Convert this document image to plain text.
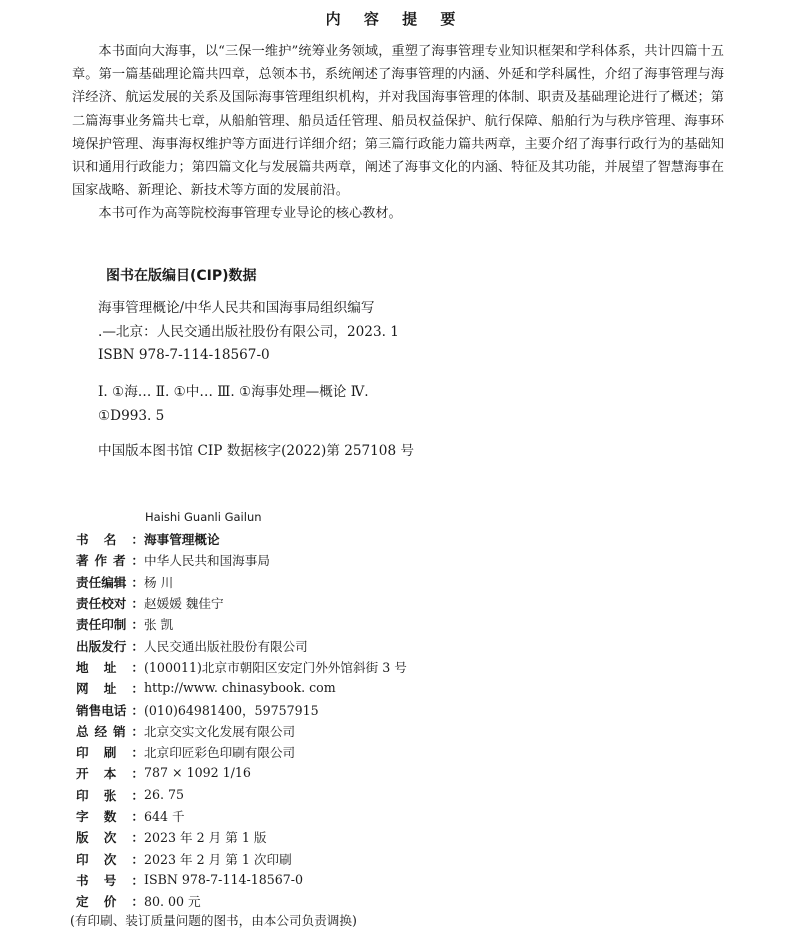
内 容 提 要

本书面向大海事，以“三保一维护”统筹业务领域，重塑了海事管理专业知识框架和学科体系，共计四篇十五章。第一篇基础理论篇共四章，总领本书，系统阐述了海事管理的内涵、外延和学科属性，介绍了海事管理与海洋经济、航运发展的关系及国际海事管理组织机构，并对我国海事管理的体制、职责及基础理论进行了概述；第二篇海事业务篇共七章，从船舶管理、船员适任管理、船员权益保护、航行保障、船舶行为与秩序管理、海事环境保护管理、海事海权维护等方面进行详细介绍；第三篇行政能力篇共两章，主要介绍了海事行政行为的基础知识和通用行政能力；第四篇文化与发展篇共两章，阐述了海事文化的内涵、特征及其功能，并展望了智慧海事在国家战略、新理论、新技术等方面的发展前沿。

本书可作为高等院校海事管理专业导论的核心教材。

图书在版编目(CIP)数据
海事管理概论/中华人民共和国海事局组织编写
.—北京：人民交通出版社股份有限公司，2023. 1
ISBN 978-7-114-18567-0
Ⅰ. ①海… Ⅱ. ①中… Ⅲ. ①海事处理—概论 Ⅳ.
①D993. 5
中国版本图书馆 CIP 数据核字(2022)第 257108 号
Haishi Guanli Gailun
书 名 ： 海事管理概论
著 作 者 ： 中华人民共和国海事局
责任编辑 ： 杨 川
责任校对 ： 赵媛媛 魏佳宁
责任印制 ： 张 凯
出版发行 ： 人民交通出版社股份有限公司
地 址 ： (100011)北京市朝阳区安定门外外馆斜街 3 号
网 址 ： http://www. chinasybook. com
销售电话 ： (010)64981400，59757915
总 经 销 ： 北京交实文化发展有限公司
印 刷 ： 北京印匠彩色印刷有限公司
开 本 ： 787 × 1092 1/16
印 张 ： 26. 75
字 数 ： 644 千
版 次 ： 2023 年 2 月 第 1 版
印 次 ： 2023 年 2 月 第 1 次印刷
书 号 ： ISBN 978-7-114-18567-0
定 价 ： 80. 00 元
(有印刷、装订质量问题的图书，由本公司负责调换)
